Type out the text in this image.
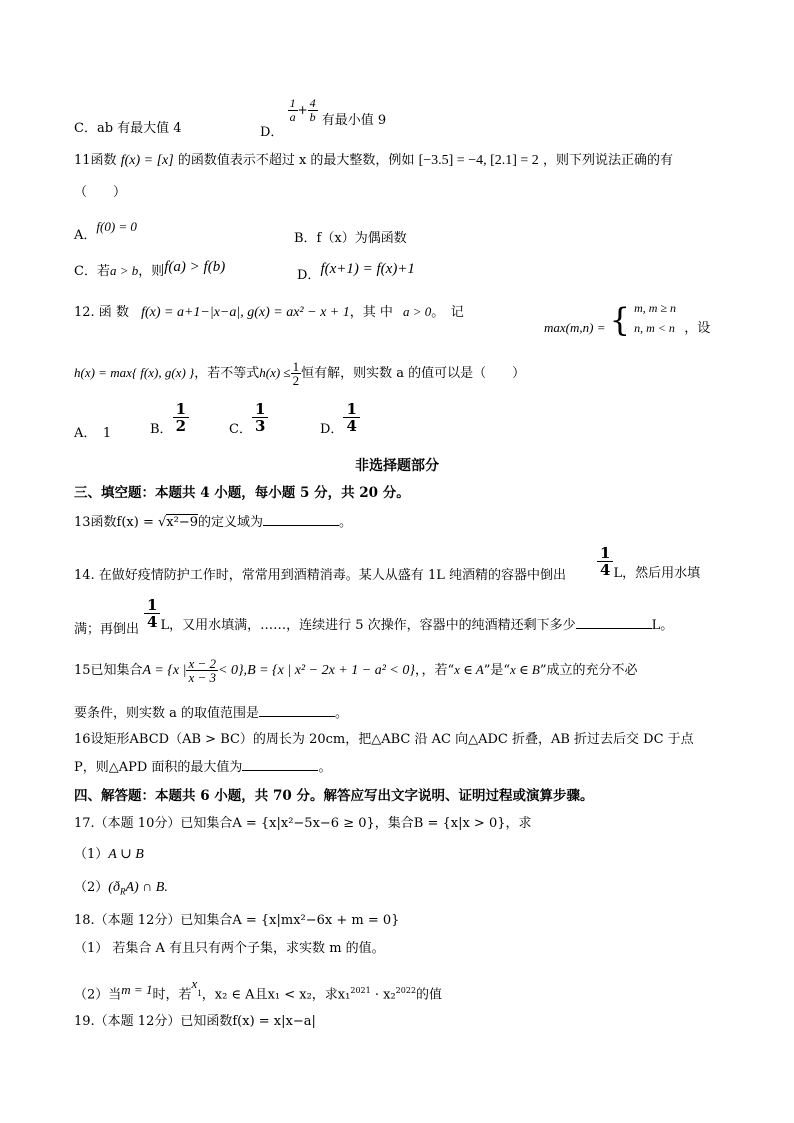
C．ab 有最大值 4	D．
$\frac{1}{a} + \frac{4}{b}$ 有最小值 9
11函数 f(x) = [x] 的函数值表示不超过 x 的最大整数，例如 [−3.5] = −4, [2.1] = 2 ，则下列说法正确的有
（　　）
A．f(0) = 0
B．f（x）为偶函数
C．若a > b，则f(a) > f(b)
D．f(x+1) = f(x)+1
12. 函 数 f(x) = a+1−|x−a|, g(x) = ax² − x + 1，其 中 a > 0。　记
max(m,n) = { m, m ≥ n
n, m < n ，设
h(x) = max{ f(x), g(x) }，若不等式$h(x) \le \frac{1}{2}$ 恒有解，则实数 a 的值可以是（　　）
A．　1	B． $\frac{1}{2}$	C． $\frac{1}{3}$	D． $\frac{1}{4}$
非选择题部分
三、填空题：本题共 4 小题，每小题 5 分，共 20 分。
13函数f(x) = √x²−9的定义域为	。
14. 在做好疫情防护工作时，常常用到酒精消毒。某人从盛有 1L 纯酒精的容器中倒出 $\frac{1}{4}$ L，然后用水填
满；再倒出 $\frac{1}{4}$ L，又用水填满，……，连续进行 5 次操作，容器中的纯酒精还剩下多少	L。
15已知集合A = {x | $\frac{x - 2}{x - 3} < 0\},B = \{x$ | x² − 2x + 1 − a² < 0}，，若“x ∈ A”是“x ∈ B”成立的充分不必
要条件，则实数 a 的取值范围是	。
16设矩形ABCD（AB > BC）的周长为 20cm，把△ABC 沿 AC 向△ADC 折叠，AB 折过去后交 DC 于点
P，则△APD 面积的最大值为	。
四、解答题：本题共 6 小题，共 70 分。解答应写出文字说明、证明过程或演算步骤。
17.（本题 10分）已知集合A = {x|x²−5x−6 ≥ 0}，集合B = {x|x > 0}，求
（1）A ∪ B
$(2)(ð_RA)$ ∩ B.
18.（本题 12分）已知集合A = {x|mx²−6x + m = 0}
（1） 若集合 A 有且只有两个子集，求实数 m 的值。
（2）当m = 1时，若$x_1$，x₂ ∈ A且x₁ < x₂，求x₁$^{2021}$ · x₂$^{2022}$的值
19.（本题 12分）已知函数f(x) = x|x−a|
